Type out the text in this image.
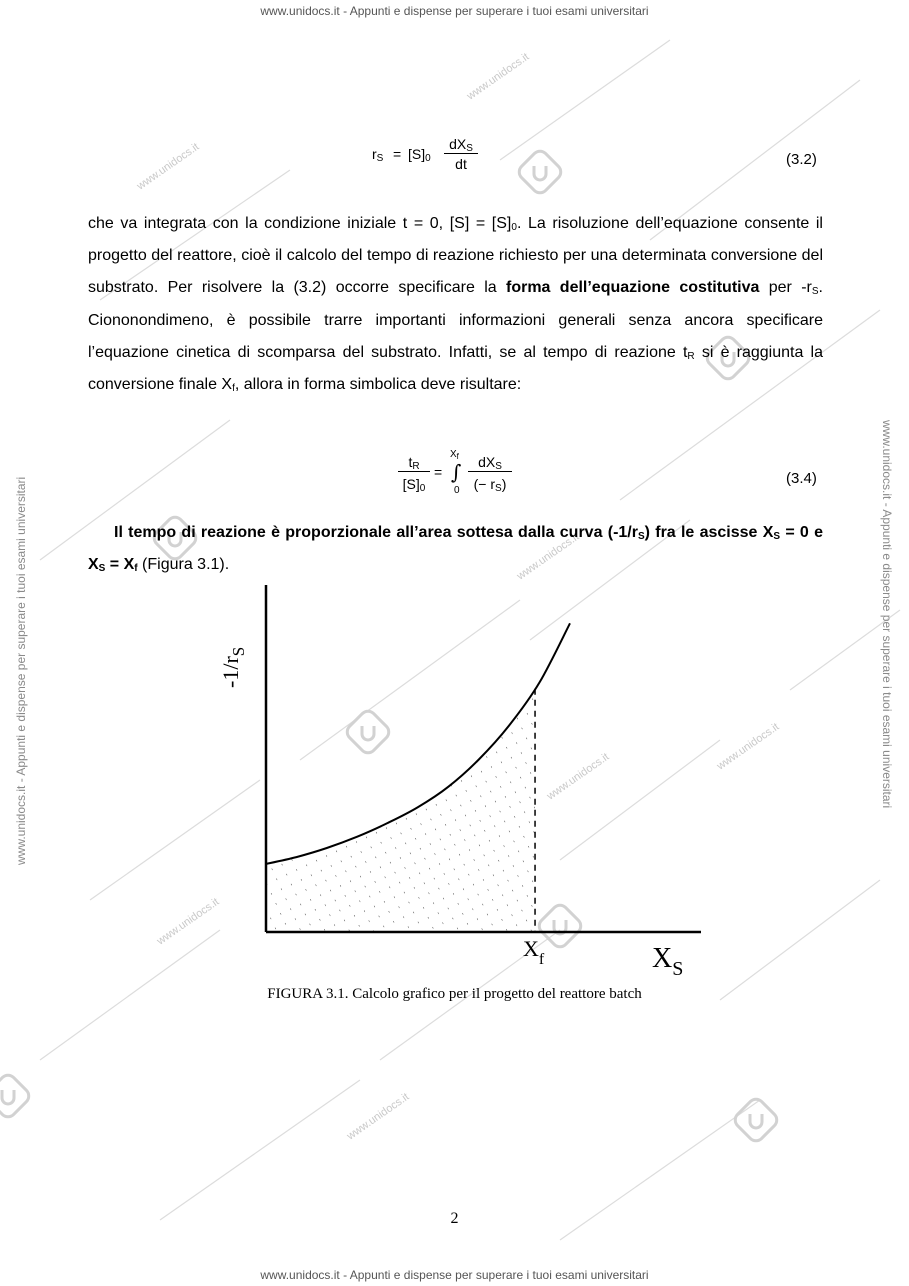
www.unidocs.it
www.unidocs.it
www.unidocs.it
www.unidocs.it
www.unidocs.it
www.unidocs.it
www.unidocs.it
www.unidocs.it - Appunti e dispense per superare i tuoi esami universitari
www.unidocs.it - Appunti e dispense per superare i tuoi esami universitari
www.unidocs.it - Appunti e dispense per superare i tuoi esami universitari	www.unidocs.it - Appunti e dispense per superare i tuoi esami universitari
$r_S = [S]_0$
$dX_S$
dt	(3.2)

che va integrata con la condizione iniziale t = 0, $[S] = [S]_0$. La risoluzione dell’equazione consente il progetto del reattore, cioè il calcolo del tempo di reazione richiesto per una determinata conversione del substrato. Per risolvere la (3.2) occorre specificare la forma dell’equazione costitutiva per $-r_S$. Ciononondimeno, è possibile trarre importanti informazioni generali senza ancora specificare l’equazione cinetica di scomparsa del substrato. Infatti, se al tempo di reazione $t_R$ si è raggiunta la conversione finale $X_f$, allora in forma simbolica deve risultare:

$t_R$
$[S]_0$
=
$X_f$
∫
0
$dX_S$
(− $r_S$)	(3.4)

Il tempo di reazione è proporzionale all’area sottesa dalla curva $(-1/r_S)$ fra le ascisse $X_S = 0$ e $X_S = X_f$ (Figura 3.1).

$-1/r_S$
$X_S$
$X_f$
FIGURA 3.1. Calcolo grafico per il progetto del reattore batch
2
